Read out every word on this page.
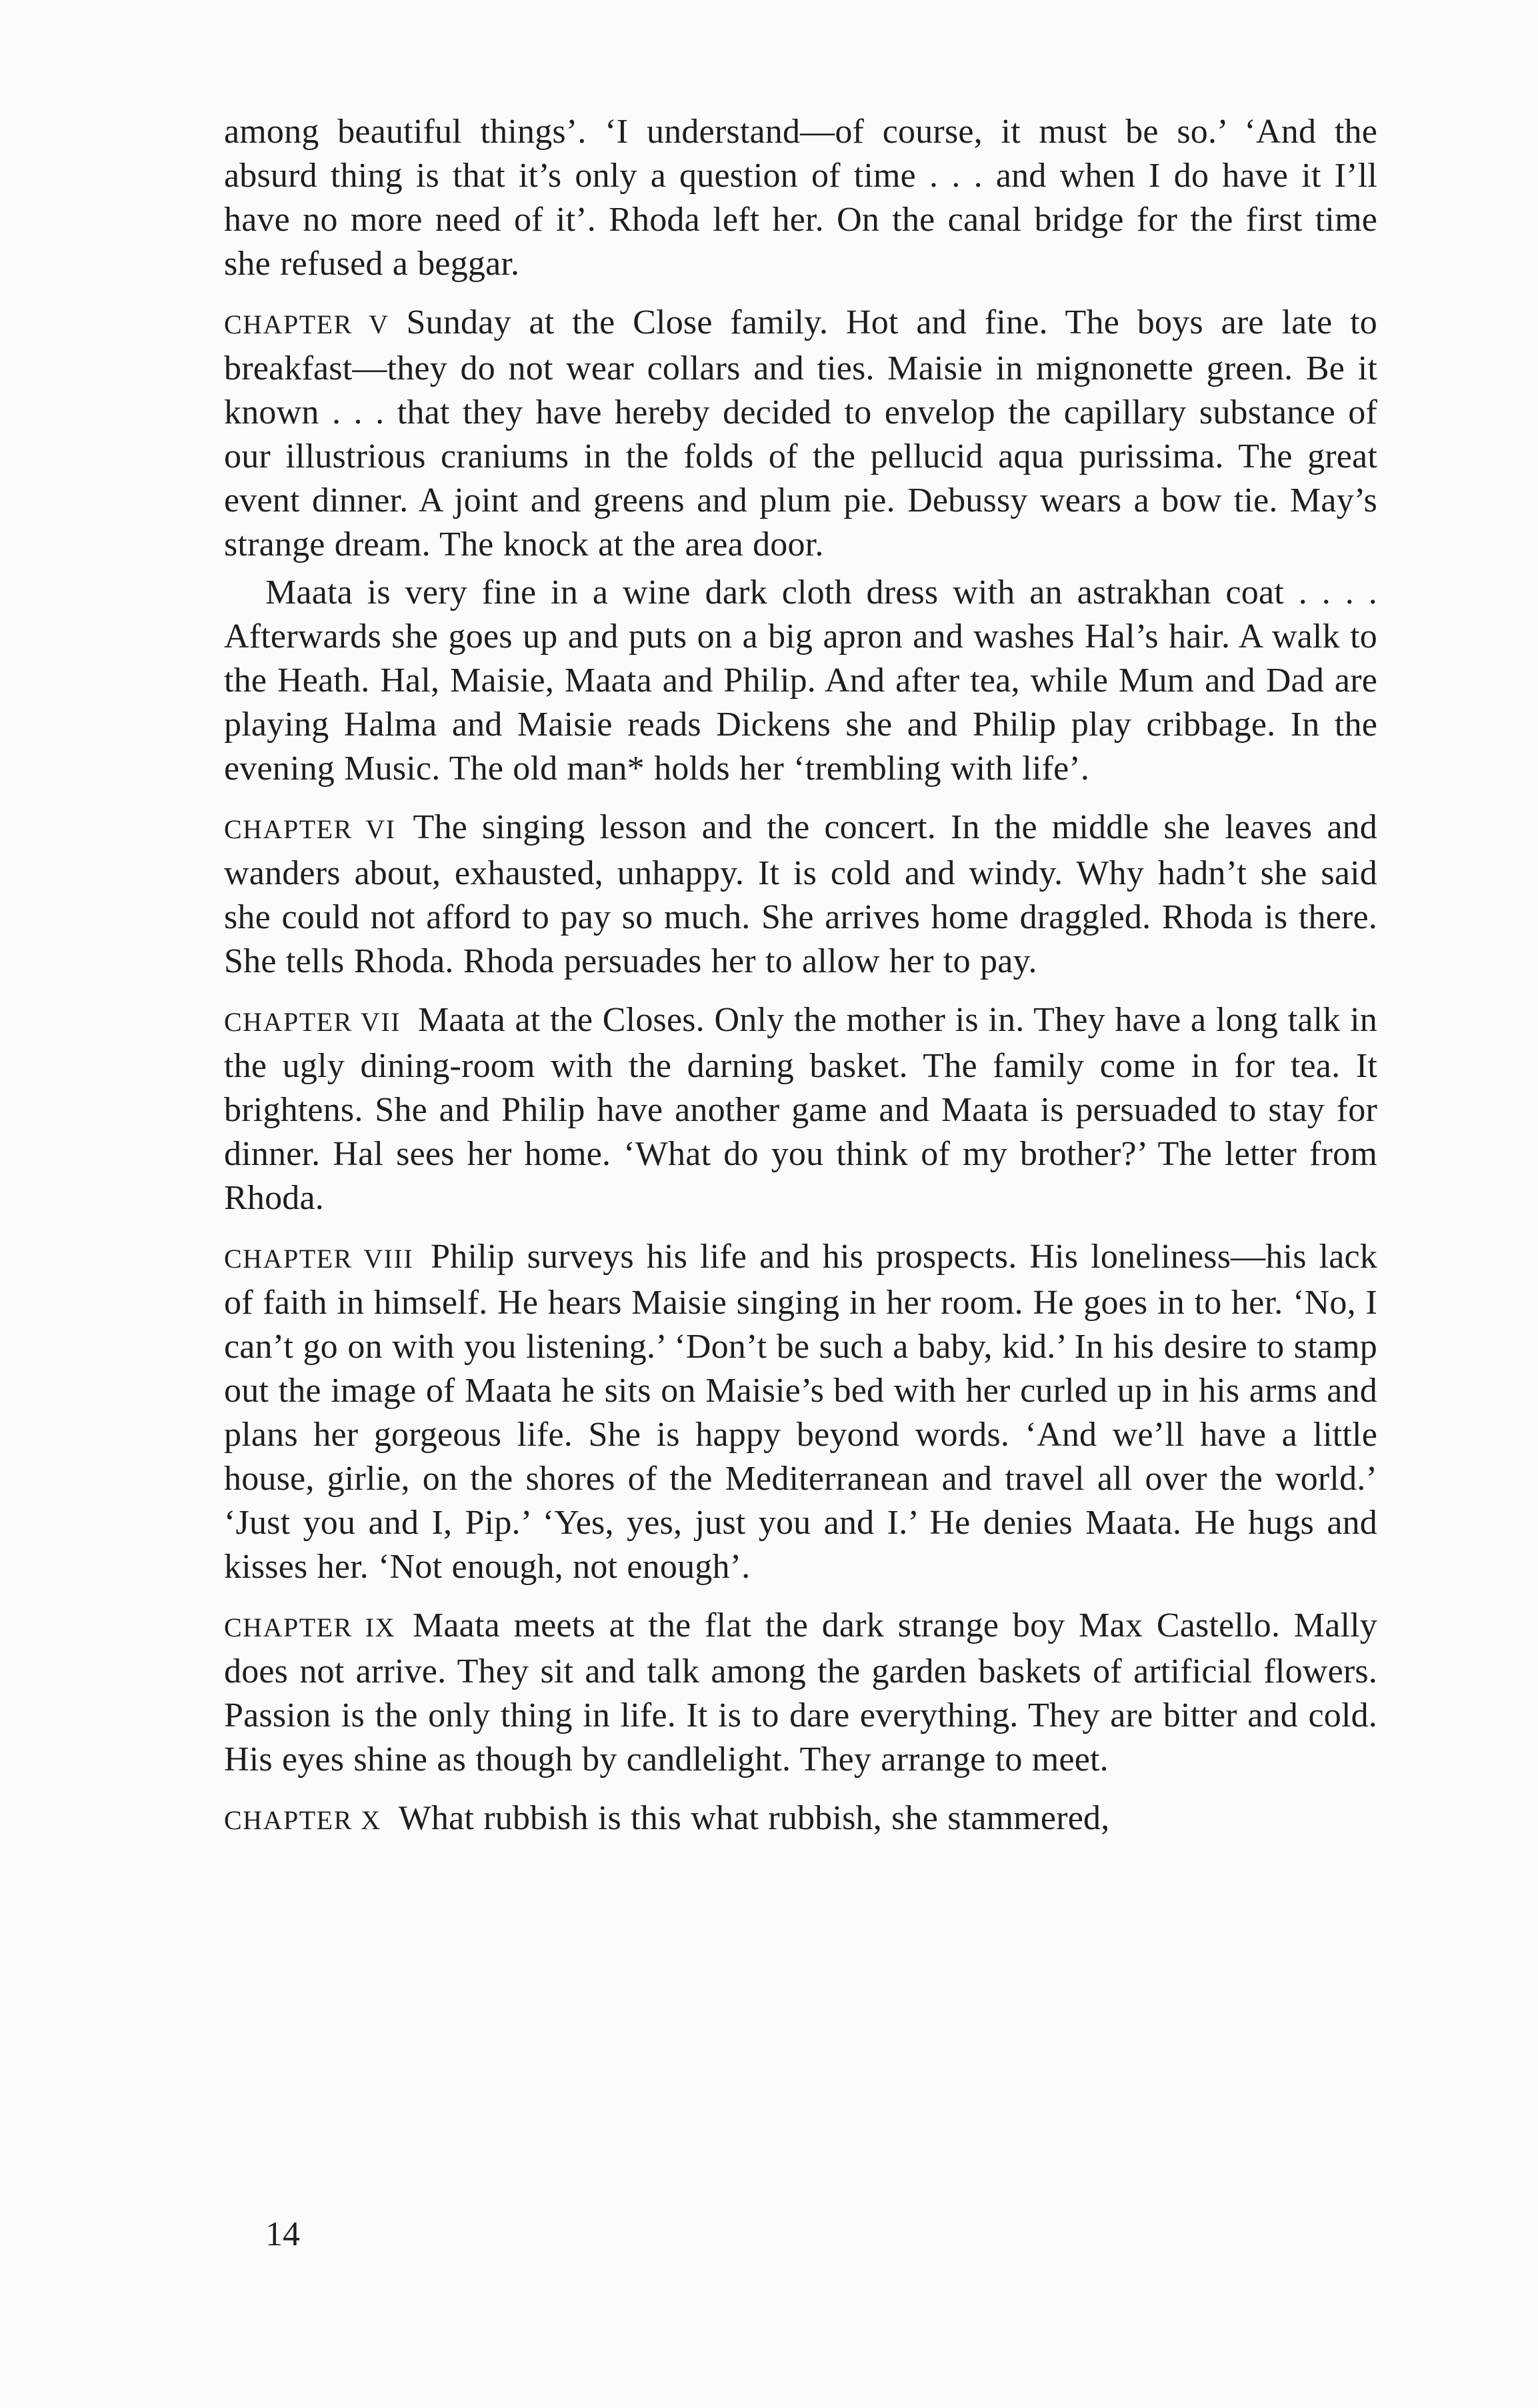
among beautiful things’. ‘I understand—of course, it must be so.’ ‘And the absurd thing is that it’s only a question of time . . . and when I do have it I’ll have no more need of it’. Rhoda left her. On the canal bridge for the first time she refused a beggar.

CHAPTER V Sunday at the Close family. Hot and fine. The boys are late to breakfast—they do not wear collars and ties. Maisie in mignonette green. Be it known . . . that they have hereby decided to envelop the capillary substance of our illustrious craniums in the folds of the pellucid aqua purissima. The great event dinner. A joint and greens and plum pie. Debussy wears a bow tie. May’s strange dream. The knock at the area door.

Maata is very fine in a wine dark cloth dress with an astrakhan coat . . . . Afterwards she goes up and puts on a big apron and washes Hal’s hair. A walk to the Heath. Hal, Maisie, Maata and Philip. And after tea, while Mum and Dad are playing Halma and Maisie reads Dickens she and Philip play cribbage. In the evening Music. The old man* holds her ‘trembling with life’.

CHAPTER VI The singing lesson and the concert. In the middle she leaves and wanders about, exhausted, unhappy. It is cold and windy. Why hadn’t she said she could not afford to pay so much. She arrives home draggled. Rhoda is there. She tells Rhoda. Rhoda persuades her to allow her to pay.

CHAPTER VII Maata at the Closes. Only the mother is in. They have a long talk in the ugly dining-room with the darning basket. The family come in for tea. It brightens. She and Philip have another game and Maata is persuaded to stay for dinner. Hal sees her home. ‘What do you think of my brother?’ The letter from Rhoda.

CHAPTER VIII Philip surveys his life and his prospects. His loneliness—his lack of faith in himself. He hears Maisie singing in her room. He goes in to her. ‘No, I can’t go on with you listening.’ ‘Don’t be such a baby, kid.’ In his desire to stamp out the image of Maata he sits on Maisie’s bed with her curled up in his arms and plans her gorgeous life. She is happy beyond words. ‘And we’ll have a little house, girlie, on the shores of the Mediterranean and travel all over the world.’ ‘Just you and I, Pip.’ ‘Yes, yes, just you and I.’ He denies Maata. He hugs and kisses her. ‘Not enough, not enough’.

CHAPTER IX Maata meets at the flat the dark strange boy Max Castello. Mally does not arrive. They sit and talk among the garden baskets of artificial flowers. Passion is the only thing in life. It is to dare everything. They are bitter and cold. His eyes shine as though by candlelight. They arrange to meet.

CHAPTER X What rubbish is this what rubbish, she stammered,

14
